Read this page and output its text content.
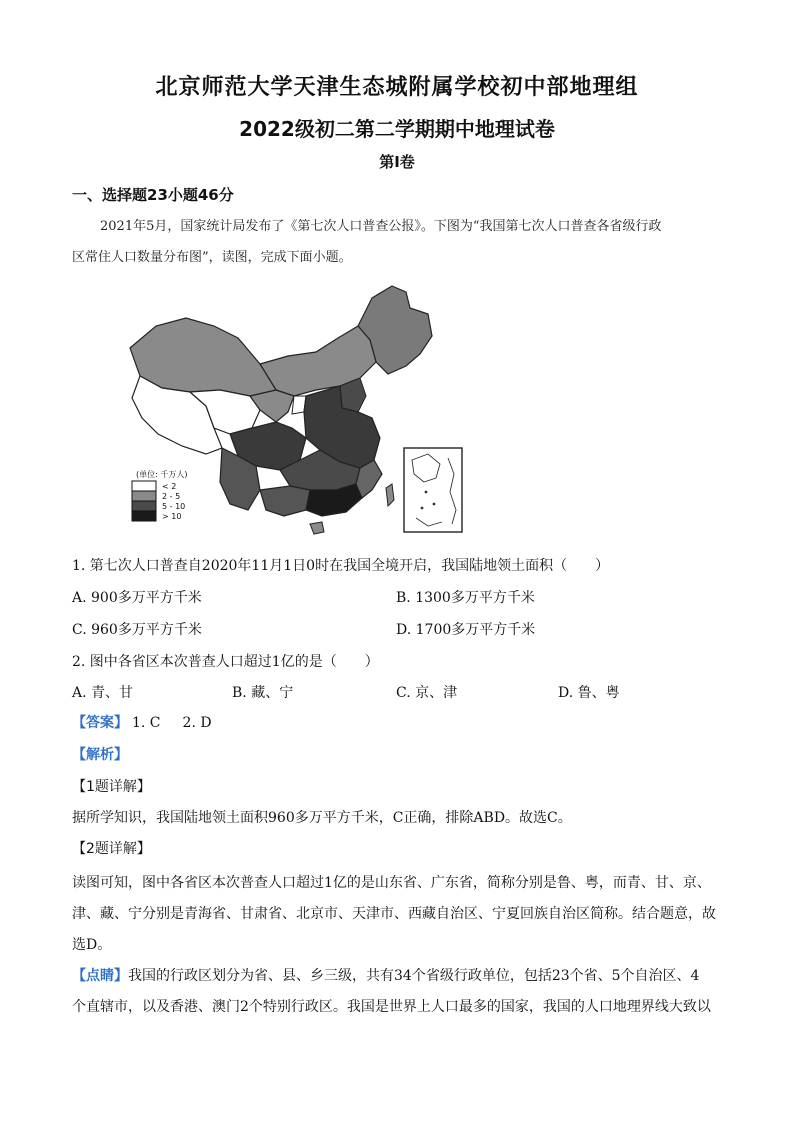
北京师范大学天津生态城附属学校初中部地理组
2022级初二第二学期期中地理试卷
第Ⅰ卷
一、选择题23小题46分

2021年5月，国家统计局发布了《第七次人口普查公报》。下图为“我国第七次人口普查各省级行政

区常住人口数量分布图”，读图，完成下面小题。
(单位: 千万人)
< 2
2 - 5
5 - 10
> 10
1. 第七次人口普查自2020年11月1日0时在我国全境开启，我国陆地领土面积（　　）
A. 900多万平方千米	B. 1300多万平方千米
C. 960多万平方千米	D. 1700多万平方千米
2. 图中各省区本次普查人口超过1亿的是（　　）
A. 青、甘	B. 藏、宁	C. 京、津	D. 鲁、粤
【答案】 1. C 2. D
【解析】
【1题详解】
据所学知识，我国陆地领土面积960多万平方千米，C正确，排除ABD。故选C。
【2题详解】
读图可知，图中各省区本次普查人口超过1亿的是山东省、广东省，简称分别是鲁、粤，而青、甘、京、
津、藏、宁分别是青海省、甘肃省、北京市、天津市、西藏自治区、宁夏回族自治区简称。结合题意，故
选D。
【点睛】我国的行政区划分为省、县、乡三级，共有34个省级行政单位，包括23个省、5个自治区、4
个直辖市，以及香港、澳门2个特别行政区。我国是世界上人口最多的国家，我国的人口地理界线大致以
